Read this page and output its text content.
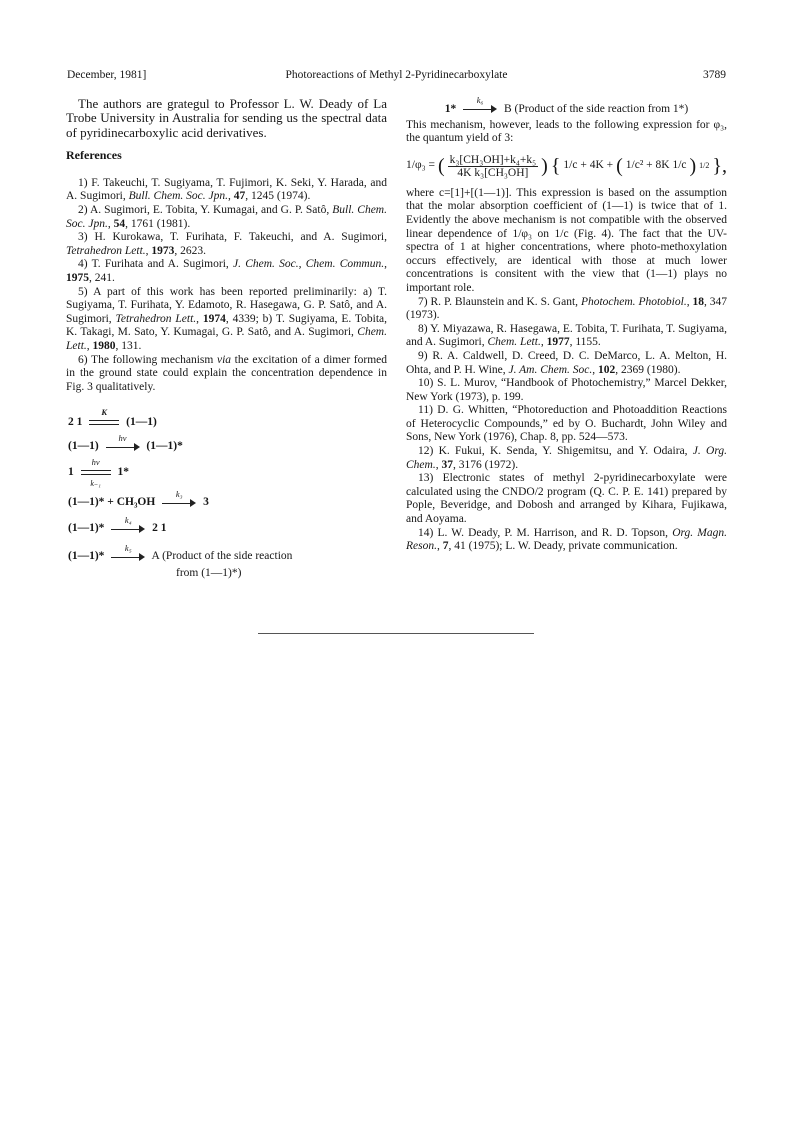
December, 1981]	Photoreactions of Methyl 2-Pyridinecarboxylate	3789

The authors are grategul to Professor L. W. Deady of La Trobe University in Australia for sending us the spectral data of pyridinecarboxylic acid derivatives.

References

1) F. Takeuchi, T. Sugiyama, T. Fujimori, K. Seki, Y. Harada, and A. Sugimori, Bull. Chem. Soc. Jpn., 47, 1245 (1974).

2) A. Sugimori, E. Tobita, Y. Kumagai, and G. P. Satô, Bull. Chem. Soc. Jpn., 54, 1761 (1981).

3) H. Kurokawa, T. Furihata, F. Takeuchi, and A. Sugimori, Tetrahedron Lett., 1973, 2623.

4) T. Furihata and A. Sugimori, J. Chem. Soc., Chem. Commun., 1975, 241.

5) A part of this work has been reported preliminarily: a) T. Sugiyama, T. Furihata, Y. Edamoto, R. Hasegawa, G. P. Satô, and A. Sugimori, Tetrahedron Lett., 1974, 4339; b) T. Sugiyama, E. Tobita, K. Takagi, M. Sato, Y. Kumagai, G. P. Satô, and A. Sugimori, Chem. Lett., 1980, 131.

6) The following mechanism via the excitation of a dimer formed in the ground state could explain the concentration dependence in Fig. 3 qualitatively.

2 1
K
(1—1)
(1—1)
hν
(1—1)*
$1 \frac{h\nu}{\text{k₋₁}} 1*$
(1—1)* + CH₃OH
k₃
3
(1—1)*
k₄
2 1
(1—1)*
k₅
A (Product of the side reaction
from (1—1)*)
1*
k₆
B (Product of the side reaction from 1*)

This mechanism, however, leads to the following expression for φ₃, the quantum yield of 3:

1/φ₃ = ( $\frac{\text{k₃[CH₃OH]+k₄+k₅}}{\text{4K k₃[CH₃OH]}}$ ) { 1/c + 4K + ( 1/c² + 8K 1/c ) 1/2 },

where c=[1]+[(1—1)]. This expression is based on the assumption that the molar absorption coefficient of (1—1) is twice that of 1. Evidently the above mechanism is not compatible with the observed linear dependence of 1/φ₃ on 1/c (Fig. 4). The fact that the UV-spectra of 1 at higher concentrations, where photo-methoxylation occurs effectively, are identical with those at much lower concentrations is consitent with the view that (1—1) plays no important role.

7) R. P. Blaunstein and K. S. Gant, Photochem. Photobiol., 18, 347 (1973).

8) Y. Miyazawa, R. Hasegawa, E. Tobita, T. Furihata, T. Sugiyama, and A. Sugimori, Chem. Lett., 1977, 1155.

9) R. A. Caldwell, D. Creed, D. C. DeMarco, L. A. Melton, H. Ohta, and P. H. Wine, J. Am. Chem. Soc., 102, 2369 (1980).

10) S. L. Murov, “Handbook of Photochemistry,” Marcel Dekker, New York (1973), p. 199.

11) D. G. Whitten, “Photoreduction and Photoaddition Reactions of Heterocyclic Compounds,” ed by O. Buchardt, John Wiley and Sons, New York (1976), Chap. 8, pp. 524—573.

12) K. Fukui, K. Senda, Y. Shigemitsu, and Y. Odaira, J. Org. Chem., 37, 3176 (1972).

13) Electronic states of methyl 2-pyridinecarboxylate were calculated using the CNDO/2 program (Q. C. P. E. 141) prepared by Pople, Beveridge, and Dobosh and arranged by Kihara, Fujikawa, and Aoyama.

14) L. W. Deady, P. M. Harrison, and R. D. Topson, Org. Magn. Reson., 7, 41 (1975); L. W. Deady, private communication.
